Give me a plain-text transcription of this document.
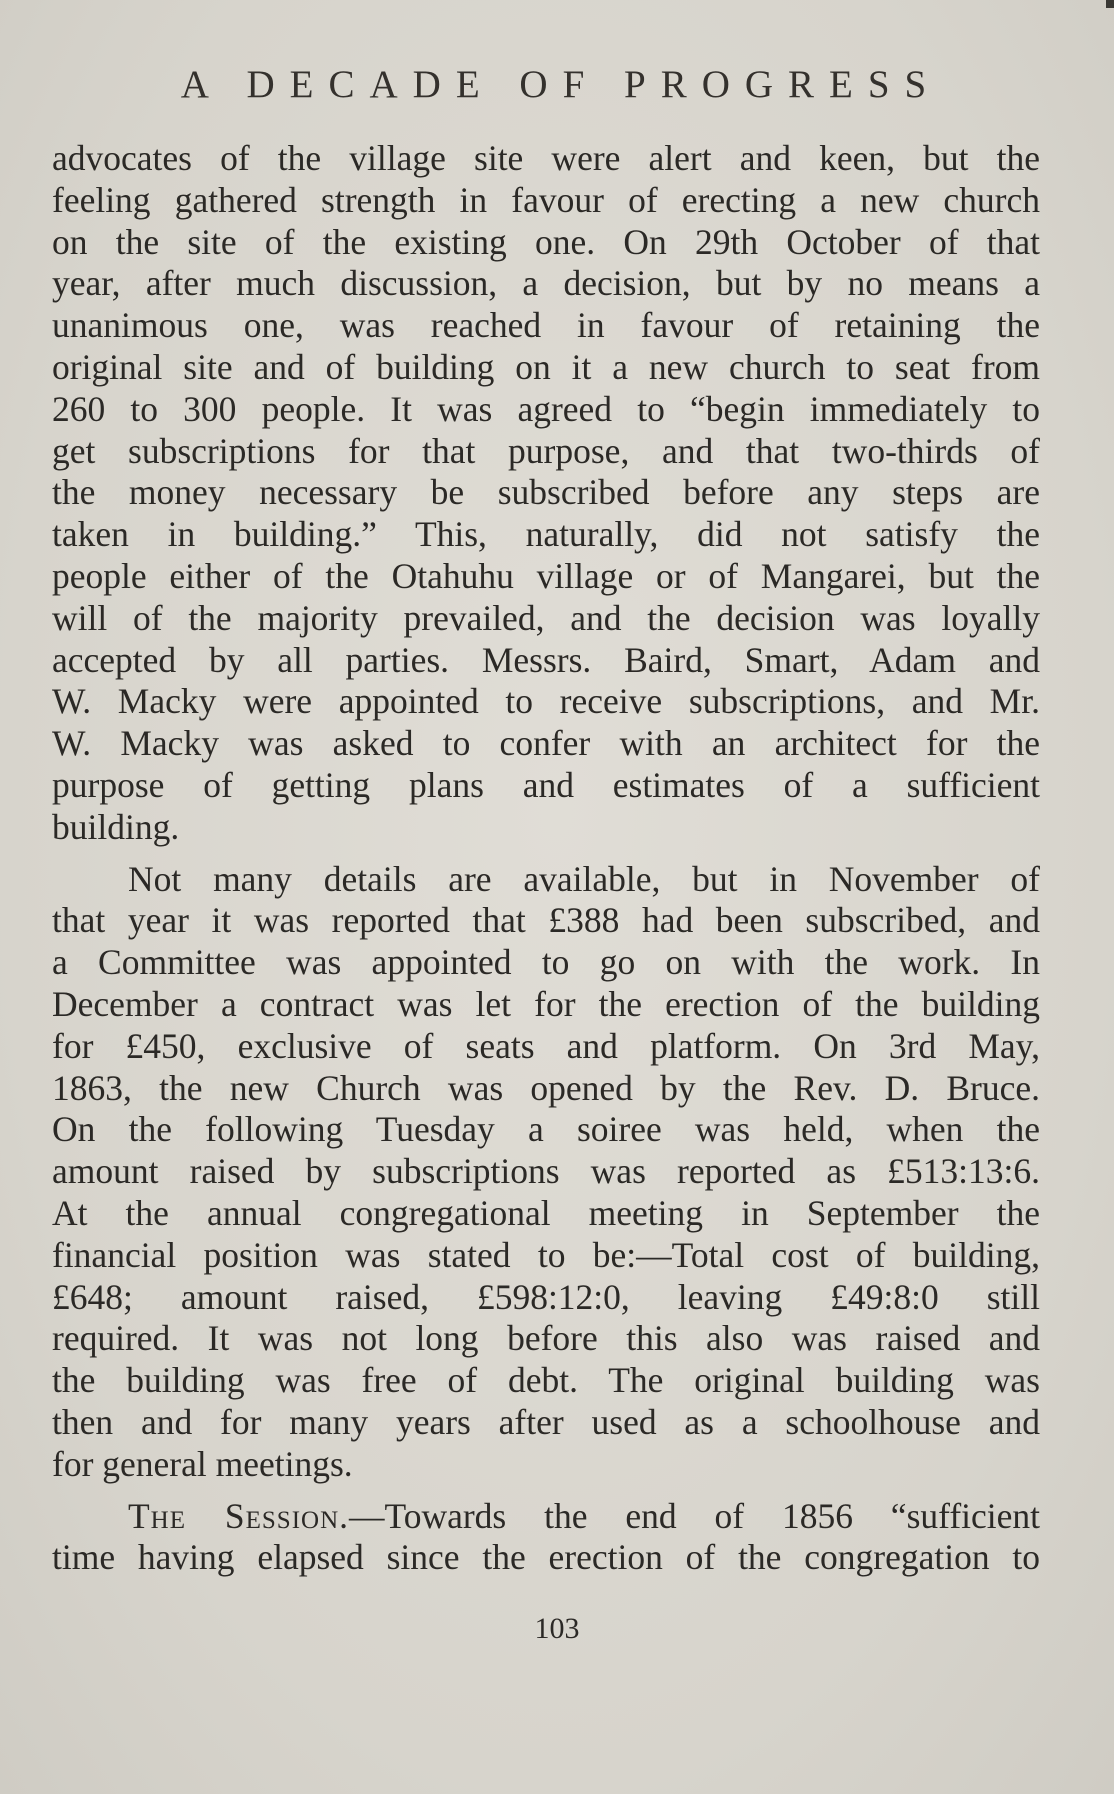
A DECADE OF PROGRESS

advocates of the village site were alert and keen, but the
feeling gathered strength in favour of erecting a new church
on the site of the existing one. On 29th October of that
year, after much discussion, a decision, but by no means a
unanimous one, was reached in favour of retaining the
original site and of building on it a new church to seat from
260 to 300 people. It was agreed to “begin immediately to
get subscriptions for that purpose, and that two-thirds of
the money necessary be subscribed before any steps are
taken in building.” This, naturally, did not satisfy the
people either of the Otahuhu village or of Mangarei, but the
will of the majority prevailed, and the decision was loyally
accepted by all parties. Messrs. Baird, Smart, Adam and
W. Macky were appointed to receive subscriptions, and Mr.
W. Macky was asked to confer with an architect for the
purpose of getting plans and estimates of a sufficient
building.

Not many details are available, but in November of
that year it was reported that £388 had been subscribed, and
a Committee was appointed to go on with the work. In
December a contract was let for the erection of the building
for £450, exclusive of seats and platform. On 3rd May,
1863, the new Church was opened by the Rev. D. Bruce.
On the following Tuesday a soiree was held, when the
amount raised by subscriptions was reported as £513:13:6.
At the annual congregational meeting in September the
financial position was stated to be:—Total cost of building,
£648; amount raised, £598:12:0, leaving £49:8:0 still
required. It was not long before this also was raised and
the building was free of debt. The original building was
then and for many years after used as a schoolhouse and
for general meetings.

The Session.—Towards the end of 1856 “sufficient
time having elapsed since the erection of the congregation to

103
